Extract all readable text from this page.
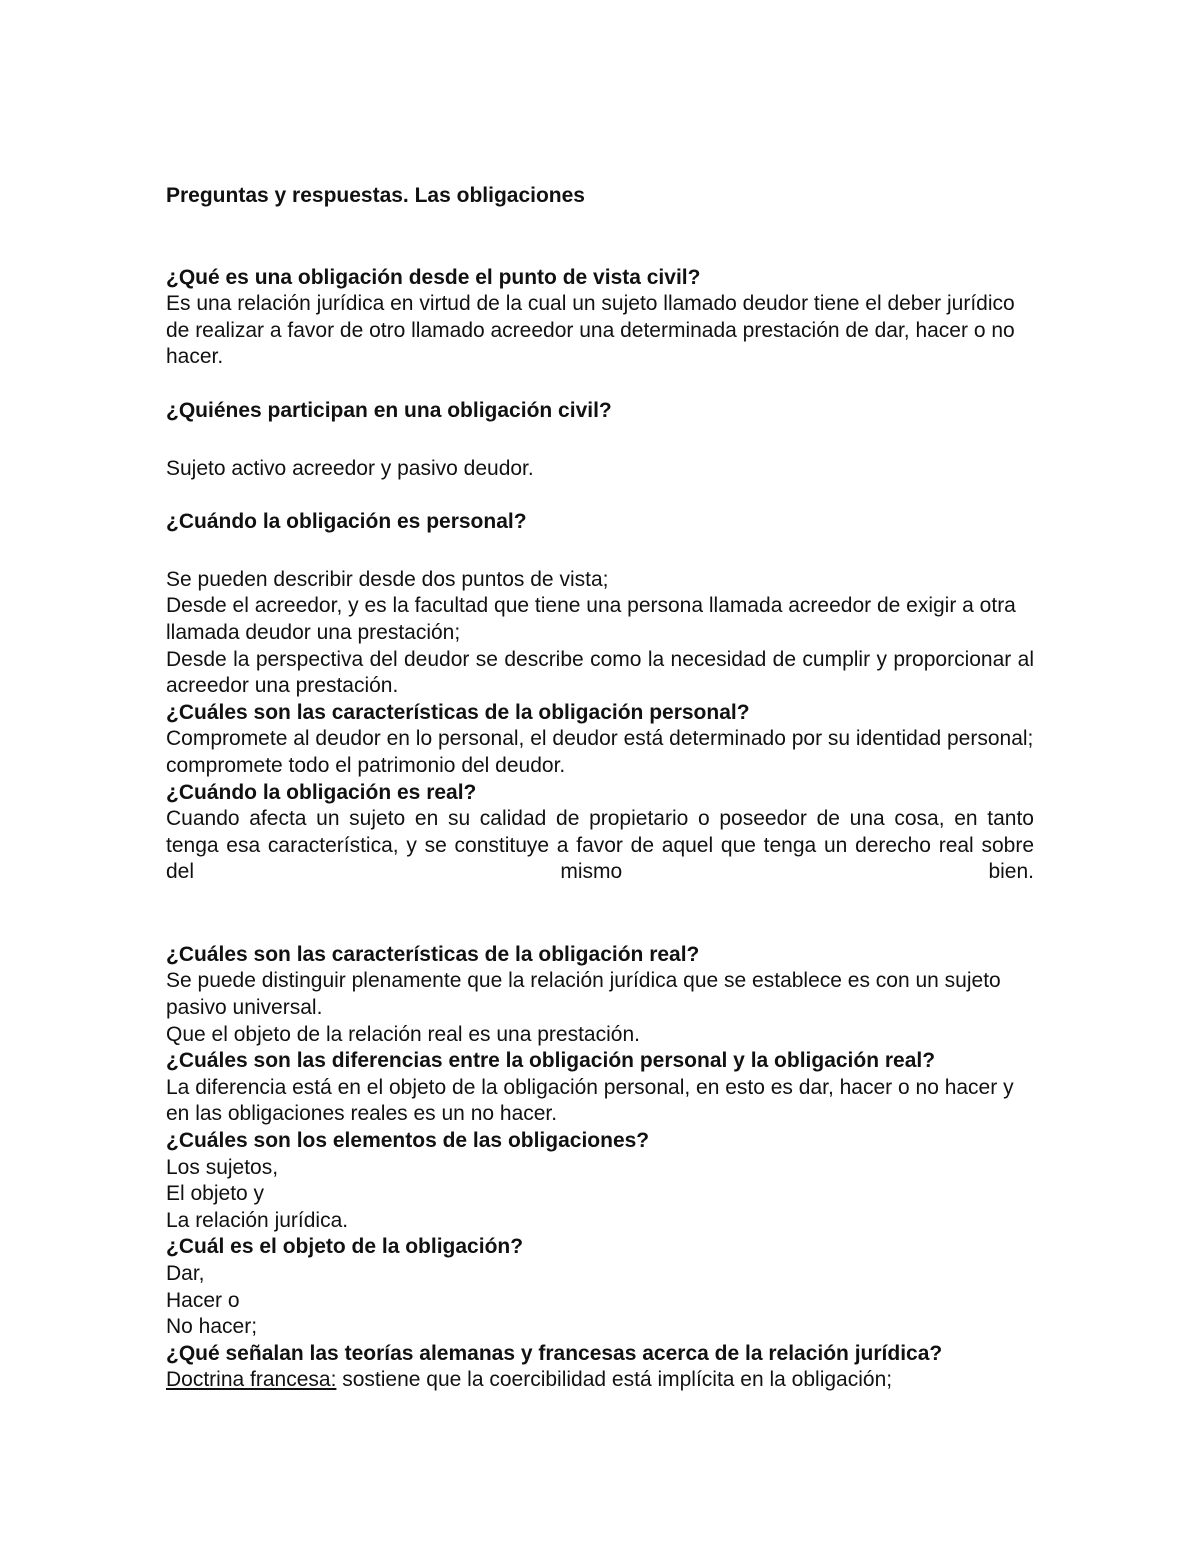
Preguntas y respuestas. Las obligaciones

¿Qué es una obligación desde el punto de vista civil?

Es una relación jurídica en virtud de la cual un sujeto llamado deudor tiene el deber jurídico de realizar a favor de otro llamado acreedor una determinada prestación de dar, hacer o no hacer.

¿Quiénes participan en una obligación civil?

Sujeto activo acreedor y pasivo deudor.

¿Cuándo la obligación es personal?

Se pueden describir desde dos puntos de vista;

Desde el acreedor, y es la facultad que tiene una persona llamada acreedor de exigir a otra llamada deudor una prestación;

Desde la perspectiva del deudor se describe como la necesidad de cumplir y proporcionar al acreedor una prestación.

¿Cuáles son las características de la obligación personal?

Compromete al deudor en lo personal, el deudor está determinado por su identidad personal; compromete todo el patrimonio del deudor.

¿Cuándo la obligación es real?

Cuando afecta un sujeto en su calidad de propietario o poseedor de una cosa, en tanto tenga esa característica, y se constituye a favor de aquel que tenga un derecho real sobre del mismo bien.

¿Cuáles son las características de la obligación real?

Se puede distinguir plenamente que la relación jurídica que se establece es con un sujeto pasivo universal.

Que el objeto de la relación real es una prestación.

¿Cuáles son las diferencias entre la obligación personal y la obligación real?

La diferencia está en el objeto de la obligación personal, en esto es dar, hacer o no hacer y en las obligaciones reales es un no hacer.

¿Cuáles son los elementos de las obligaciones?

Los sujetos,

El objeto y

La relación jurídica.

¿Cuál es el objeto de la obligación?

Dar,

Hacer o

No hacer;

¿Qué señalan las teorías alemanas y francesas acerca de la relación jurídica?

Doctrina francesa: sostiene que la coercibilidad está implícita en la obligación;
